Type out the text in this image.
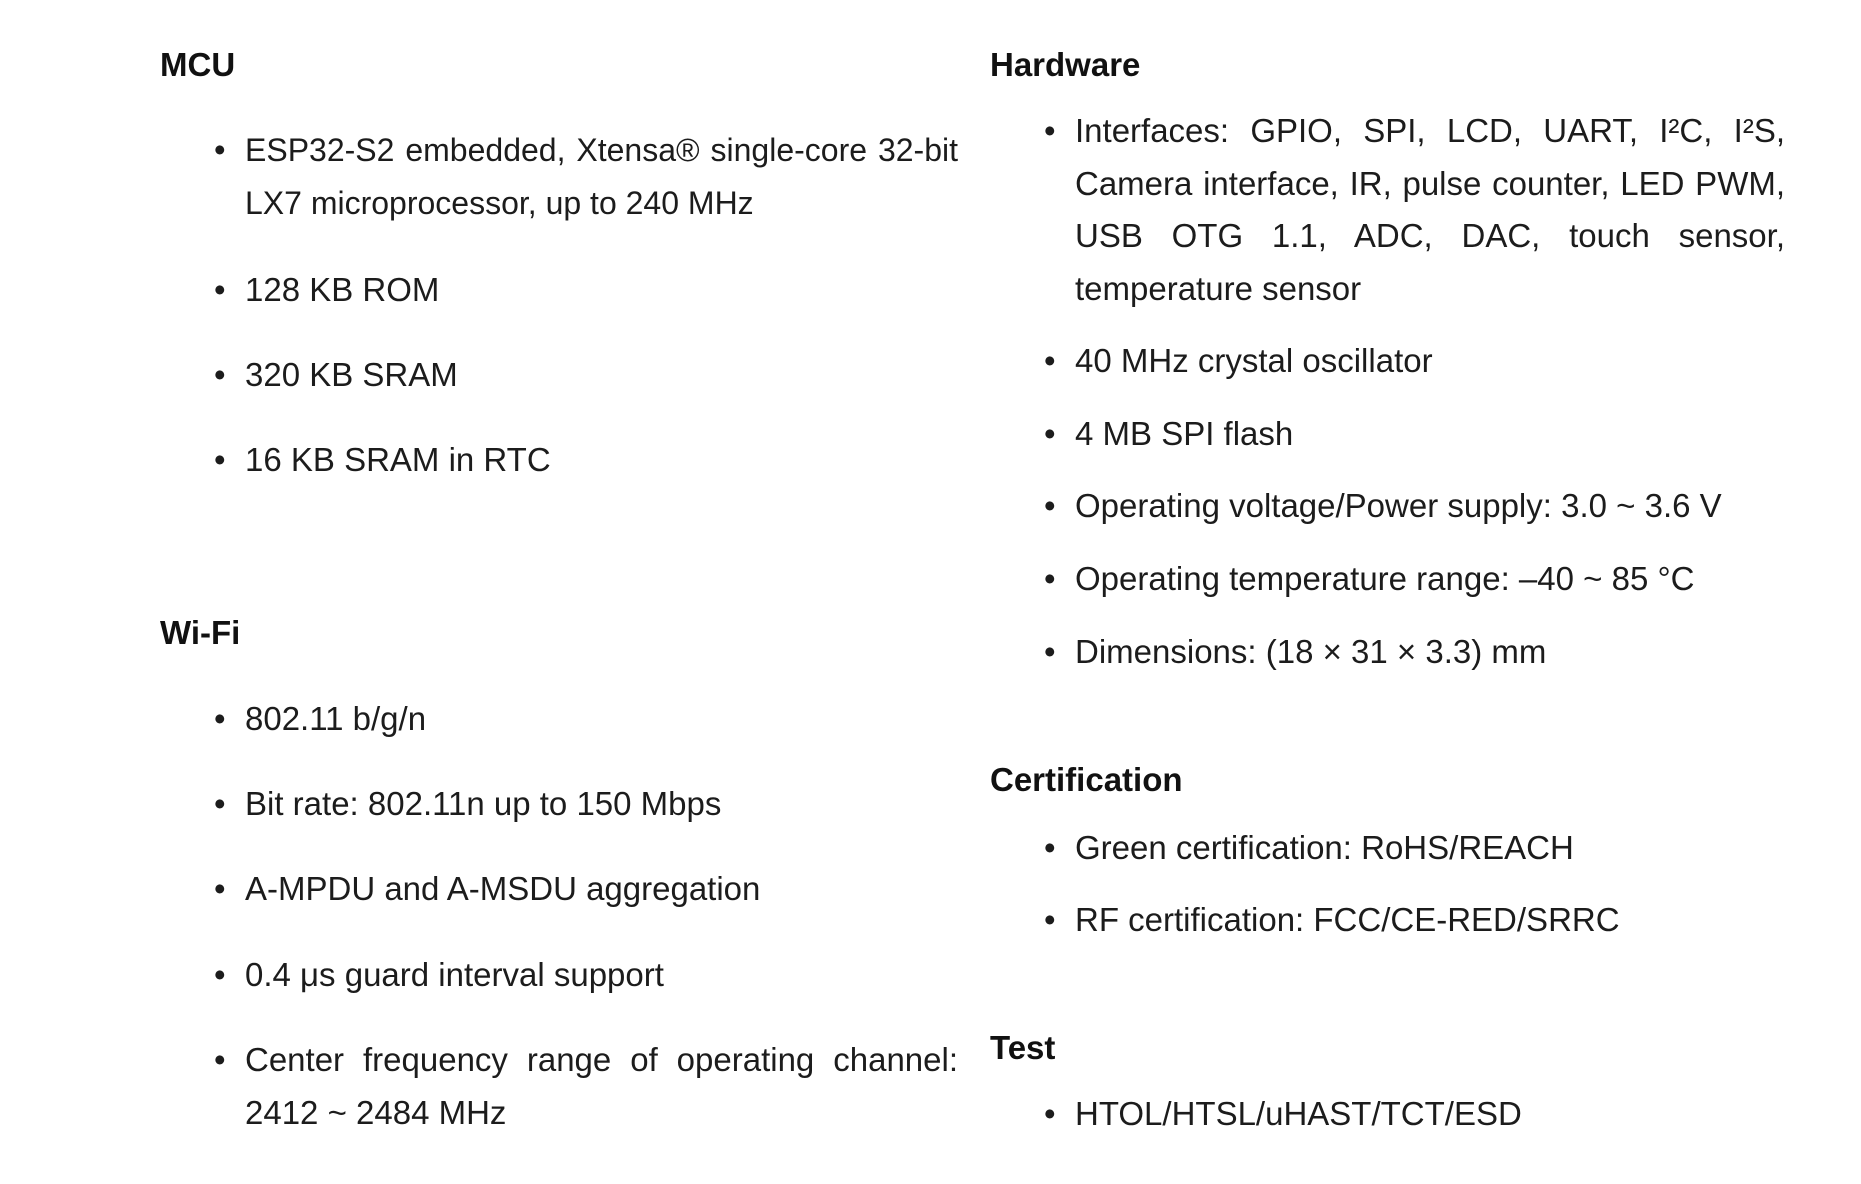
MCU
• ESP32-S2 embedded, Xtensa® single-core 32-bit LX7 microprocessor, up to 240 MHz
• 128 KB ROM
• 320 KB SRAM
• 16 KB SRAM in RTC
Wi-Fi
• 802.11 b/g/n
• Bit rate: 802.11n up to 150 Mbps
• A-MPDU and A-MSDU aggregation
• 0.4 μs guard interval support
• Center frequency range of operating channel: 2412 ~ 2484 MHz
Hardware
• Interfaces: GPIO, SPI, LCD, UART, I²C, I²S, Camera interface, IR, pulse counter, LED PWM, USB OTG 1.1, ADC, DAC, touch sensor, temperature sensor
• 40 MHz crystal oscillator
• 4 MB SPI flash
• Operating voltage/Power supply: 3.0 ~ 3.6 V
• Operating temperature range: –40 ~ 85 °C
• Dimensions: (18 × 31 × 3.3) mm
Certification
• Green certification: RoHS/REACH
• RF certification: FCC/CE-RED/SRRC
Test
• HTOL/HTSL/uHAST/TCT/ESD
